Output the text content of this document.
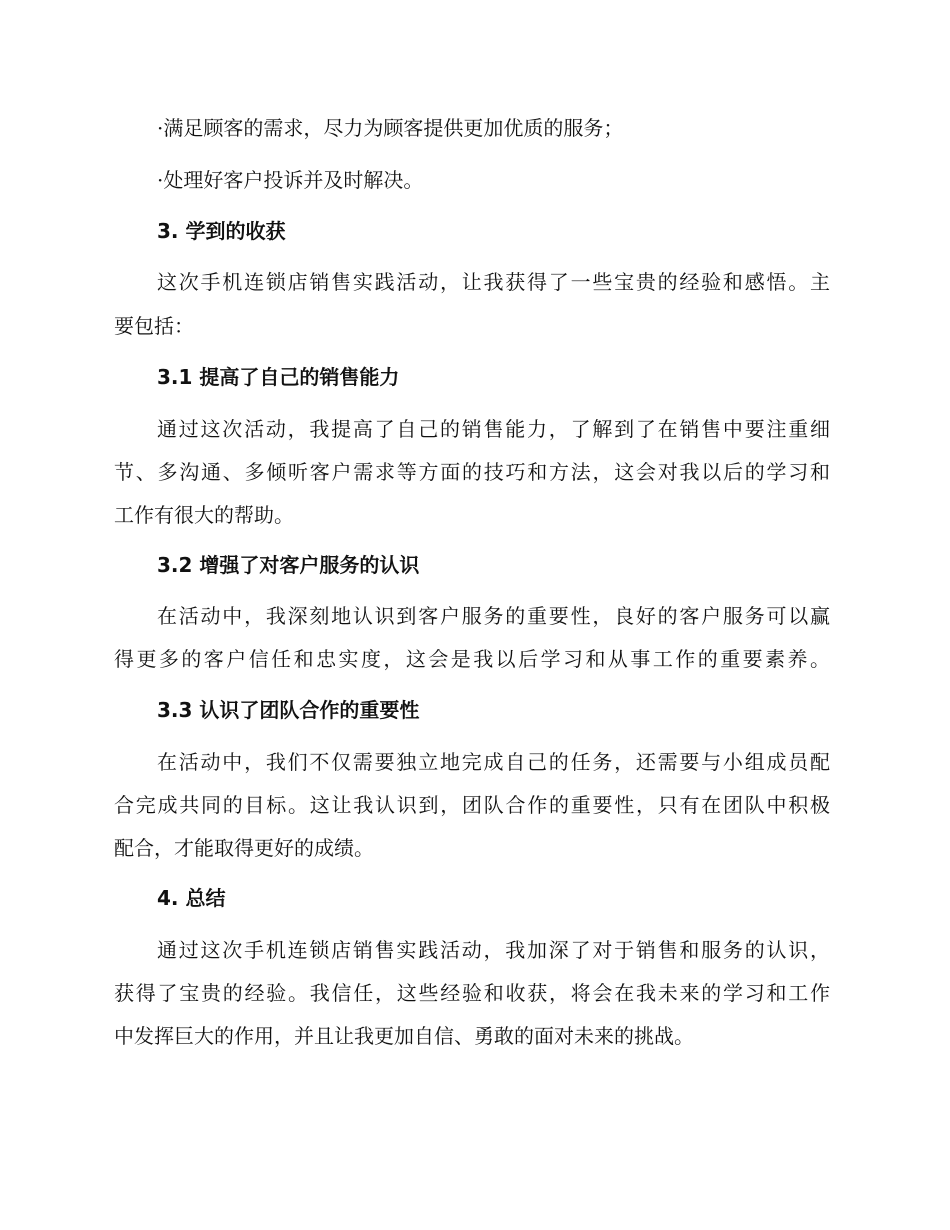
·满足顾客的需求，尽力为顾客提供更加优质的服务；
·处理好客户投诉并及时解决。
3. 学到的收获
这次手机连锁店销售实践活动，让我获得了一些宝贵的经验和感悟。主
要包括：
3.1 提高了自己的销售能力
通过这次活动，我提高了自己的销售能力，了解到了在销售中要注重细
节、多沟通、多倾听客户需求等方面的技巧和方法，这会对我以后的学习和
工作有很大的帮助。
3.2 增强了对客户服务的认识
在活动中，我深刻地认识到客户服务的重要性，良好的客户服务可以赢
得更多的客户信任和忠实度，这会是我以后学习和从事工作的重要素养。
3.3 认识了团队合作的重要性
在活动中，我们不仅需要独立地完成自己的任务，还需要与小组成员配
合完成共同的目标。这让我认识到，团队合作的重要性，只有在团队中积极
配合，才能取得更好的成绩。
4. 总结
通过这次手机连锁店销售实践活动，我加深了对于销售和服务的认识，
获得了宝贵的经验。我信任，这些经验和收获，将会在我未来的学习和工作
中发挥巨大的作用，并且让我更加自信、勇敢的面对未来的挑战。
